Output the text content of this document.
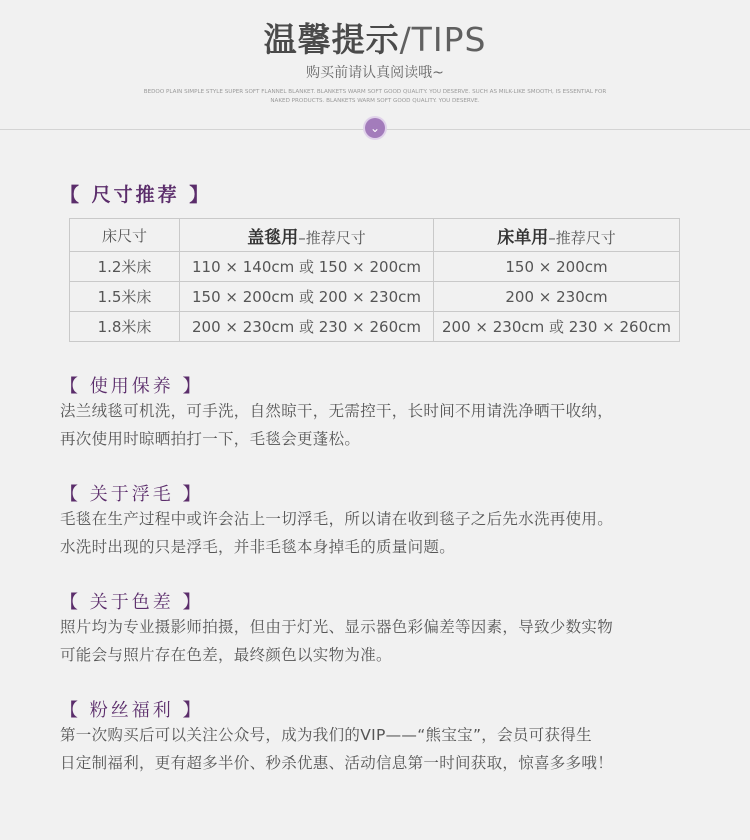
温馨提示/TIPS
购买前请认真阅读哦~
BEDOO PLAIN SIMPLE STYLE SUPER SOFT FLANNEL BLANKET. BLANKETS WARM SOFT GOOD QUALITY. YOU DESERVE. SUCH AS MILK-LIKE SMOOTH, IS ESSENTIAL FOR
NAKED PRODUCTS. BLANKETS WARM SOFT GOOD QUALITY. YOU DESERVE.
⌄
【 尺寸推荐 】
床尺寸	盖毯用–推荐尺寸	床单用–推荐尺寸
1.2米床	110 × 140cm 或 150 × 200cm	150 × 200cm
1.5米床	150 × 200cm 或 200 × 230cm	200 × 230cm
1.8米床	200 × 230cm 或 230 × 260cm	200 × 230cm 或 230 × 260cm
【 使用保养 】
法兰绒毯可机洗，可手洗，自然晾干，无需控干，长时间不用请洗净晒干收纳，
再次使用时晾晒拍打一下，毛毯会更蓬松。
【 关于浮毛 】
毛毯在生产过程中或许会沾上一切浮毛，所以请在收到毯子之后先水洗再使用。
水洗时出现的只是浮毛，并非毛毯本身掉毛的质量问题。
【 关于色差 】
照片均为专业摄影师拍摄，但由于灯光、显示器色彩偏差等因素，导致少数实物
可能会与照片存在色差，最终颜色以实物为准。
【 粉丝福利 】
第一次购买后可以关注公众号，成为我们的VIP——“熊宝宝”，会员可获得生
日定制福利，更有超多半价、秒杀优惠、活动信息第一时间获取，惊喜多多哦！
